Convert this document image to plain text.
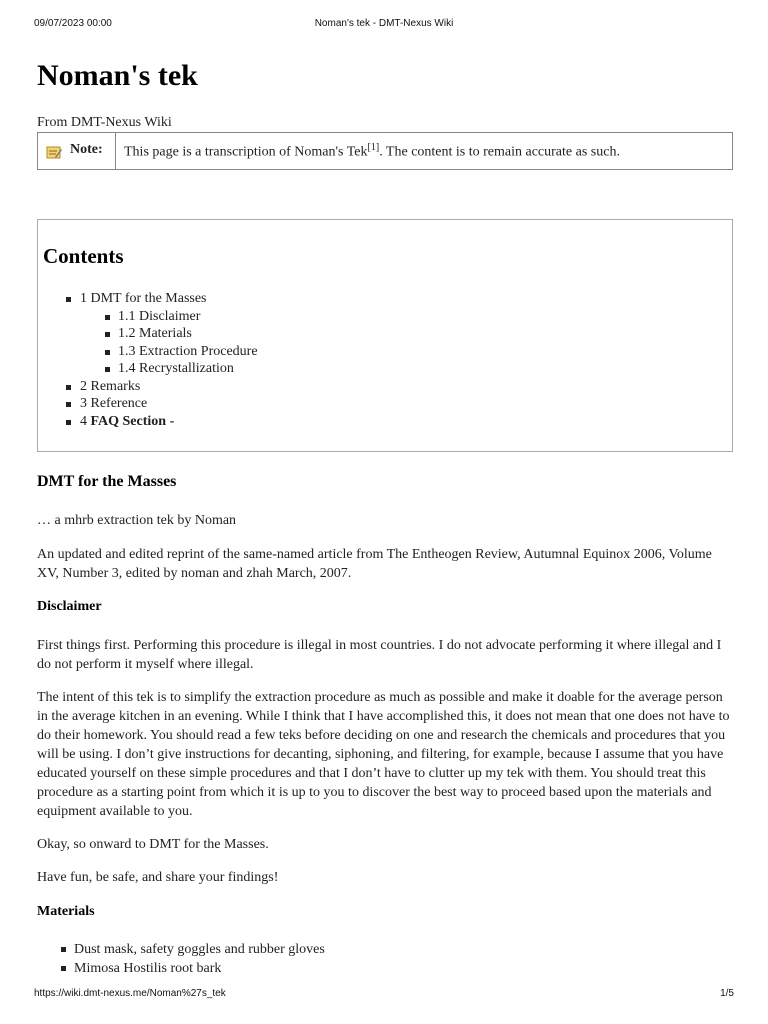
09/07/2023 00:00	Noman's tek - DMT-Nexus Wiki
Noman's tek
From DMT-Nexus Wiki
Note:	This page is a transcription of Noman's Tek[1]. The content is to remain accurate as such.
Contents
1 DMT for the Masses
1.1 Disclaimer
1.2 Materials
1.3 Extraction Procedure
1.4 Recrystallization
2 Remarks
3 Reference
4 FAQ Section -
DMT for the Masses

… a mhrb extraction tek by Noman

An updated and edited reprint of the same-named article from The Entheogen Review, Autumnal Equinox 2006, Volume XV, Number 3, edited by noman and zhah March, 2007.

Disclaimer

First things first. Performing this procedure is illegal in most countries. I do not advocate performing it where illegal and I do not perform it myself where illegal.

The intent of this tek is to simplify the extraction procedure as much as possible and make it doable for the average person in the average kitchen in an evening. While I think that I have accomplished this, it does not mean that one does not have to do their homework. You should read a few teks before deciding on one and research the chemicals and procedures that you will be using. I don’t give instructions for decanting, siphoning, and filtering, for example, because I assume that you have educated yourself on these simple procedures and that I don’t have to clutter up my tek with them. You should treat this procedure as a starting point from which it is up to you to discover the best way to proceed based upon the materials and equipment available to you.

Okay, so onward to DMT for the Masses.

Have fun, be safe, and share your findings!

Materials
Dust mask, safety goggles and rubber gloves
Mimosa Hostilis root bark
https://wiki.dmt-nexus.me/Noman%27s_tek	1/5
